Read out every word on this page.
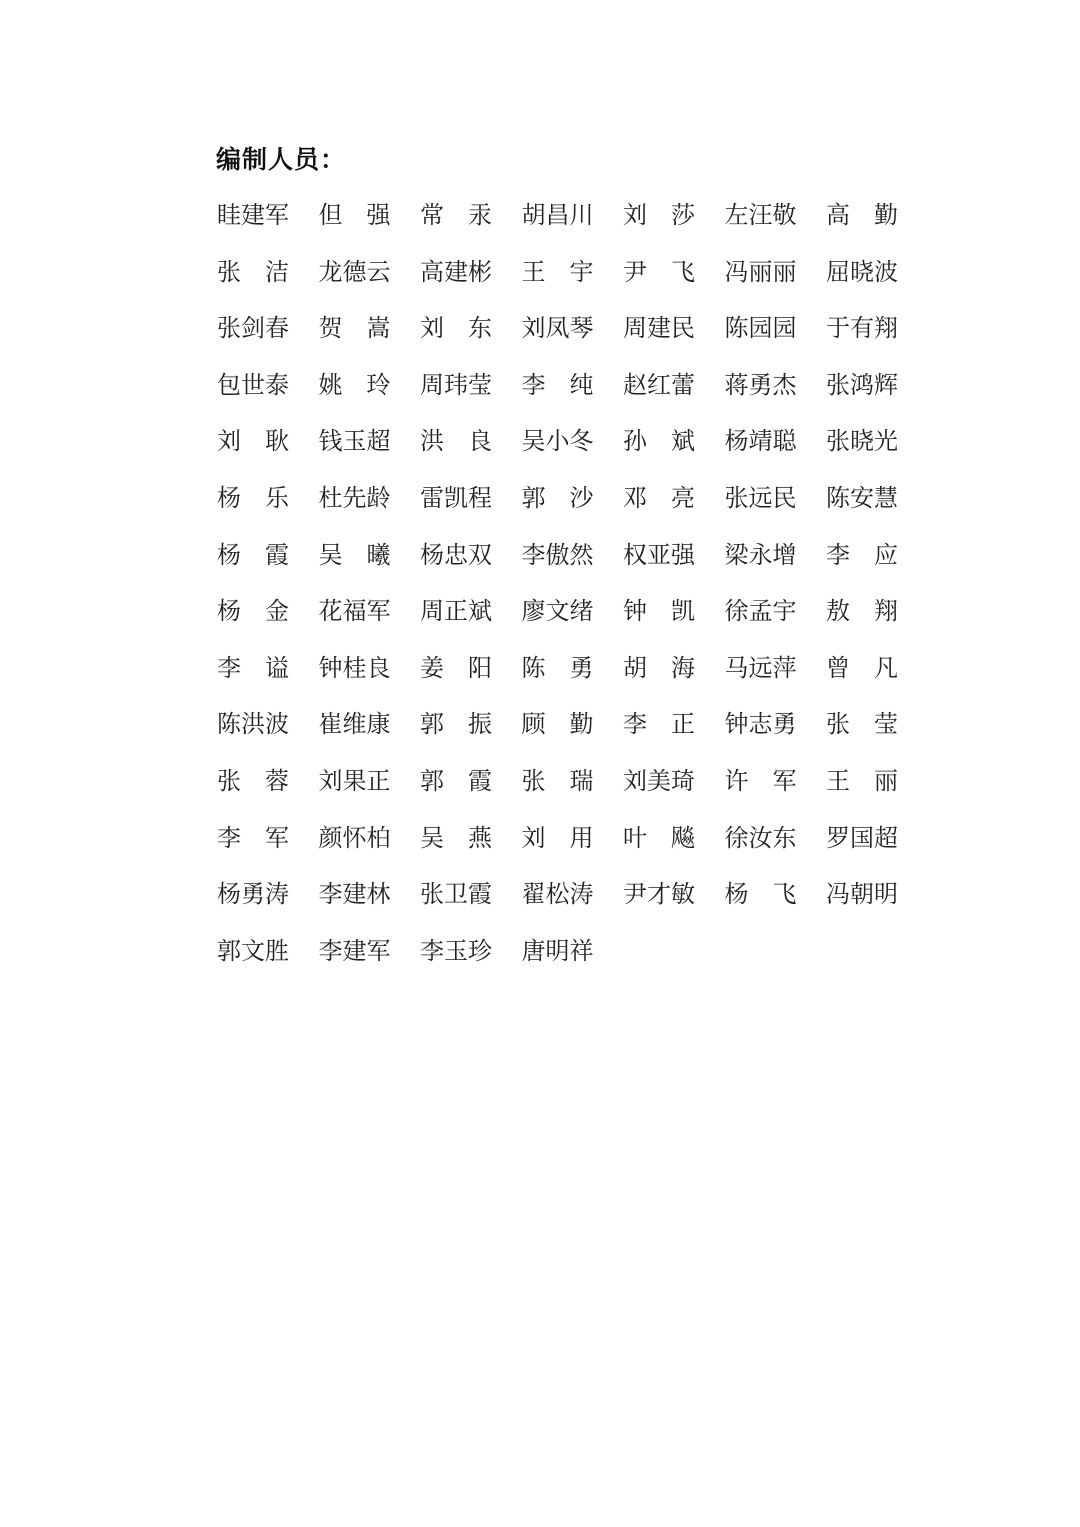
编制人员：
眭 建 军 但 强 常 汞 胡 昌 川 刘 莎 左 汪 敬 高 勤
张 洁 龙 德 云 高 建 彬 王 宇 尹 飞 冯 丽 丽 屈 晓 波
张 剑 春 贺 嵩 刘 东 刘 凤 琴 周 建 民 陈 园 园 于 有 翔
包 世 泰 姚 玲 周 玮 莹 李 纯 赵 红 蕾 蒋 勇 杰 张 鸿 辉
刘 耿 钱 玉 超 洪 良 吴 小 冬 孙 斌 杨 靖 聪 张 晓 光
杨 乐 杜 先 龄 雷 凯 程 郭 沙 邓 亮 张 远 民 陈 安 慧
杨 霞 吴 曦 杨 忠 双 李 傲 然 权 亚 强 梁 永 增 李 应
杨 金 花 福 军 周 正 斌 廖 文 绪 钟 凯 徐 孟 宇 敖 翔
李 谥 钟 桂 良 姜 阳 陈 勇 胡 海 马 远 萍 曾 凡
陈 洪 波 崔 维 康 郭 振 顾 勤 李 正 钟 志 勇 张 莹
张 蓉 刘 果 正 郭 霞 张 瑞 刘 美 琦 许 军 王 丽
李 军 颜 怀 柏 吴 燕 刘 用 叶 飚 徐 汝 东 罗 国 超
杨 勇 涛 李 建 林 张 卫 霞 翟 松 涛 尹 才 敏 杨 飞 冯 朝 明
郭 文 胜 李 建 军 李 玉 珍 唐 明 祥
